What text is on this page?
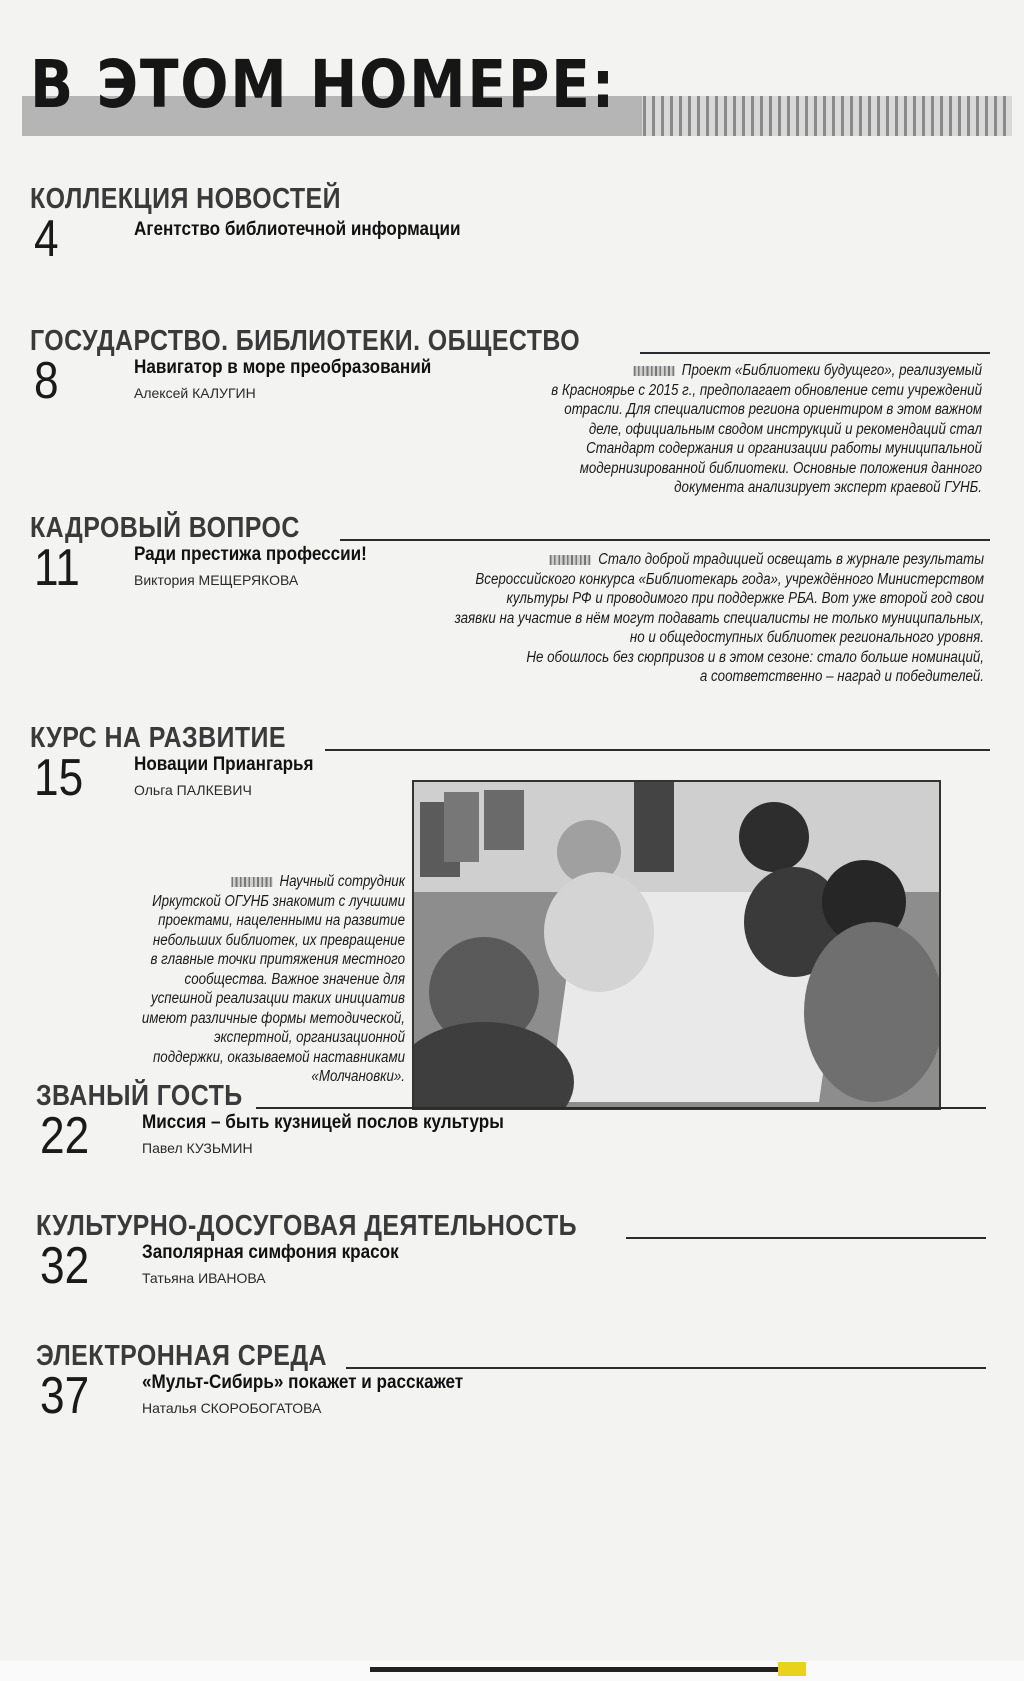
В ЭТОМ НОМЕРЕ:
КОЛЛЕКЦИЯ НОВОСТЕЙ
4	Агентство библиотечной информации
ГОСУДАРСТВО. БИБЛИОТЕКИ. ОБЩЕСТВО
8	Навигатор в море преобразований
Алексей КАЛУГИН
Проект «Библиотеки будущего», реализуемый
в Красноярье с 2015 г., предполагает обновление сети учреждений
отрасли. Для специалистов региона ориентиром в этом важном
деле, официальным сводом инструкций и рекомендаций стал
Стандарт содержания и организации работы муниципальной
модернизированной библиотеки. Основные положения данного
документа анализирует эксперт краевой ГУНБ.
КАДРОВЫЙ ВОПРОС
11	Ради престижа профессии!
Виктория МЕЩЕРЯКОВА
Стало доброй традицией освещать в журнале результаты
Всероссийского конкурса «Библиотекарь года», учреждённого Министерством
культуры РФ и проводимого при поддержке РБА. Вот уже второй год свои
заявки на участие в нём могут подавать специалисты не только муниципальных,
но и общедоступных библиотек регионального уровня.
Не обошлось без сюрпризов и в этом сезоне: стало больше номинаций,
а соответственно – наград и победителей.
КУРС НА РАЗВИТИЕ
15	Новации Приангарья
Ольга ПАЛКЕВИЧ
Научный сотрудник
Иркутской ОГУНБ знакомит с лучшими
проектами, нацеленными на развитие
небольших библиотек, их превращение
в главные точки притяжения местного
сообщества. Важное значение для
успешной реализации таких инициатив
имеют различные формы методической,
экспертной, организационной
поддержки, оказываемой наставниками
«Молчановки».
ЗВАНЫЙ ГОСТЬ
22	Миссия – быть кузницей послов культуры
Павел КУЗЬМИН
КУЛЬТУРНО-ДОСУГОВАЯ ДЕЯТЕЛЬНОСТЬ
32	Заполярная симфония красок
Татьяна ИВАНОВА
ЭЛЕКТРОННАЯ СРЕДА
37	«Мульт-Сибирь» покажет и расскажет
Наталья СКОРОБОГАТОВА
